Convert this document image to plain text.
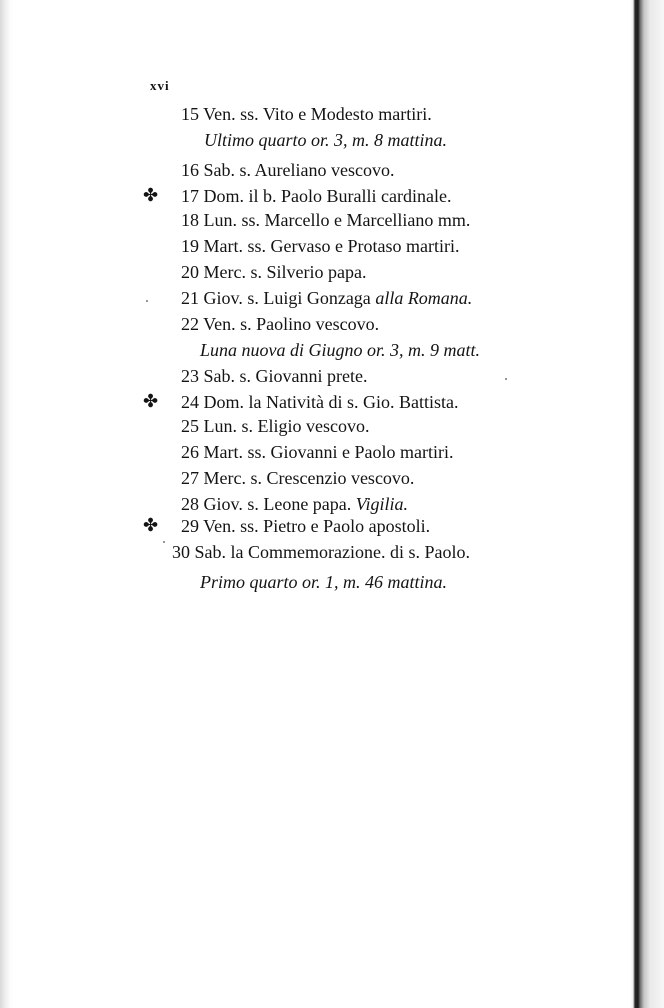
xvi
15 Ven. ss. Vito e Modesto martiri.
Ultimo quarto or. 3, m. 8 mattina.
16 Sab. s. Aureliano vescovo.
✤ 17 Dom. il b. Paolo Buralli cardinale.
18 Lun. ss. Marcello e Marcelliano mm.
19 Mart. ss. Gervaso e Protaso martiri.
20 Merc. s. Silverio papa.
21 Giov. s. Luigi Gonzaga alla Romana.
22 Ven. s. Paolino vescovo.
Luna nuova di Giugno or. 3, m. 9 matt.
23 Sab. s. Giovanni prete.
✤ 24 Dom. la Natività di s. Gio. Battista.
25 Lun. s. Eligio vescovo.
26 Mart. ss. Giovanni e Paolo martiri.
27 Merc. s. Crescenzio vescovo.
28 Giov. s. Leone papa. Vigilia.
✤ 29 Ven. ss. Pietro e Paolo apostoli.
30 Sab. la Commemorazione. di s. Paolo.
Primo quarto or. 1, m. 46 mattina.
